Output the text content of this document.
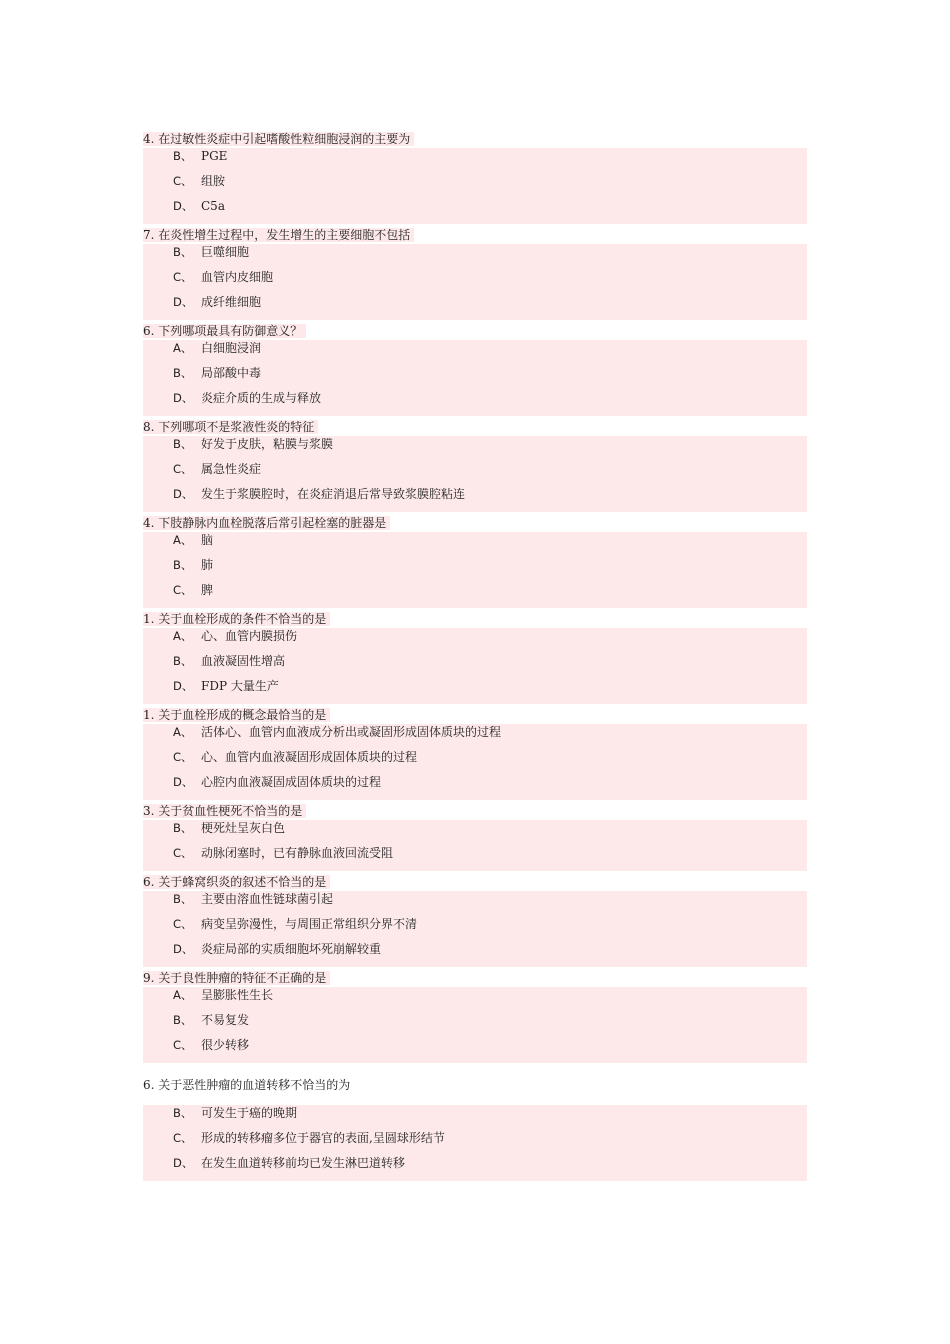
4. 在过敏性炎症中引起嗜酸性粒细胞浸润的主要为
B、 PGE
C、 组胺
D、 C5a
7. 在炎性增生过程中，发生增生的主要细胞不包括
B、 巨噬细胞
C、 血管内皮细胞
D、 成纤维细胞
6. 下列哪项最具有防御意义？
A、 白细胞浸润
B、 局部酸中毒
D、 炎症介质的生成与释放
8. 下列哪项不是浆液性炎的特征
B、 好发于皮肤，粘膜与浆膜
C、 属急性炎症
D、 发生于浆膜腔时，在炎症消退后常导致浆膜腔粘连
4. 下肢静脉内血栓脱落后常引起栓塞的脏器是
A、 脑
B、 肺
C、 脾
1. 关于血栓形成的条件不恰当的是
A、 心、血管内膜损伤
B、 血液凝固性增高
D、 FDP 大量生产
1. 关于血栓形成的概念最恰当的是
A、 活体心、血管内血液成分析出或凝固形成固体质块的过程
C、 心、血管内血液凝固形成固体质块的过程
D、 心腔内血液凝固成固体质块的过程
3. 关于贫血性梗死不恰当的是
B、 梗死灶呈灰白色
C、 动脉闭塞时，已有静脉血液回流受阻
6. 关于蜂窝织炎的叙述不恰当的是
B、 主要由溶血性链球菌引起
C、 病变呈弥漫性，与周围正常组织分界不清
D、 炎症局部的实质细胞坏死崩解较重
9. 关于良性肿瘤的特征不正确的是
A、 呈膨胀性生长
B、 不易复发
C、 很少转移
6. 关于恶性肿瘤的血道转移不恰当的为
B、 可发生于癌的晚期
C、 形成的转移瘤多位于器官的表面,呈圆球形结节
D、 在发生血道转移前均已发生淋巴道转移
